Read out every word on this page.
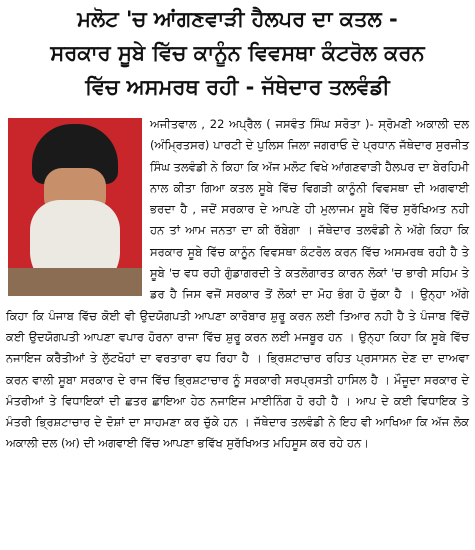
ਮਲੋਟ 'ਚ ਆਂਗਣਵਾੜੀ ਹੈਲਪਰ ਦਾ ਕਤਲ -
ਸਰਕਾਰ ਸੂਬੇ ਵਿੱਚ ਕਾਨੂੰਨ ਵਿਵਸਥਾ ਕੰਟਰੋਲ ਕਰਨ
ਵਿੱਚ ਅਸਮਰਥ ਰਹੀ - ਜੱਥੇਦਾਰ ਤਲਵੰਡੀ

ਅਜੀਤਵਾਲ , 22 ਅਪ੍ਰੈਲ ( ਜਸਵੰਤ ਸਿੰਘ ਸਰੋਤਾ )- ਸ੍ਰੋਮਣੀ ਅਕਾਲੀ ਦਲ (ਅੰਮ੍ਰਿਤਸਰ) ਪਾਰਟੀ ਦੇ ਪੁਲਿਸ ਜਿਲਾ ਜਗਰਾਓ ਦੇ ਪ੍ਰਧਾਨ ਜੱਥੇਦਾਰ ਸੁਰਜੀਤ ਸਿੰਘ ਤਲਵੰਡੀ ਨੇ ਕਿਹਾ ਕਿ ਅੱਜ ਮਲੋਟ ਵਿਖੇ ਆਂਗਣਵਾੜੀ ਹੈਲਪਰ ਦਾ ਬੇਰਹਿਮੀ ਨਾਲ ਕੀਤਾ ਗਿਆ ਕਤਲ ਸੂਬੇ ਵਿੱਚ ਵਿਗੜੀ ਕਾਨੂੰਨੀ ਵਿਵਸਥਾ ਦੀ ਅਗਵਾਈ ਭਰਦਾ ਹੈ , ਜਦੋਂ ਸਰਕਾਰ ਦੇ ਆਪਣੇ ਹੀ ਮੁਲਾਜਮ ਸੂਬੇ ਵਿੱਚ ਸੁਰੱਖਿਅਤ ਨਹੀ ਹਨ ਤਾਂ ਆਮ ਜਨਤਾ ਦਾ ਕੀ ਰੱਬੇਗਾ । ਜੱਥੇਦਾਰ ਤਲਵੰਡੀ ਨੇ ਅੱਗੇ ਕਿਹਾ ਕਿ ਸਰਕਾਰ ਸੂਬੇ ਵਿੱਚ ਕਾਨੂੰਨ ਵਿਵਸਥਾ ਕੰਟਰੋਲ ਕਰਨ ਵਿੱਚ ਅਸਮਰਥ ਰਹੀ ਹੈ ਤੇ ਸੂਬੇ 'ਚ ਵਧ ਰਹੀ ਗੁੰਡਾਗਰਦੀ ਤੇ ਕਤਲੋਗਾਰਤ ਕਾਰਨ ਲੋਕਾਂ 'ਚ ਭਾਰੀ ਸਹਿਮ ਤੇ ਡਰ ਹੈ ਜਿਸ ਵਜੋਂ ਸਰਕਾਰ ਤੋਂ ਲੋਕਾਂ ਦਾ ਮੋਹ ਭੰਗ ਹੋ ਚੁੱਕਾ ਹੈ । ਉਨ੍ਹਾ ਅੱਗੇ ਕਿਹਾ ਕਿ ਪੰਜਾਬ ਵਿੱਚ ਕੋਈ ਵੀ ਉਦਯੋਗਪਤੀ ਆਪਣਾ ਕਾਰੋਬਾਰ ਸ਼ੁਰੂ ਕਰਨ ਲਈ ਤਿਆਰ ਨਹੀ ਹੈ ਤੇ ਪੰਜਾਬ ਵਿੱਚੋਂ ਕਈ ਉਦਯੋਗਪਤੀ ਆਪਣਾ ਵਪਾਰ ਹੋਰਨਾ ਰਾਜਾ ਵਿੱਚ ਸ਼ੁਰੂ ਕਰਨ ਲਈ ਮਜਬੂਰ ਹਨ । ਉਨ੍ਹਾ ਕਿਹਾ ਕਿ ਸੂਬੇ ਵਿੱਚ ਨਜਾਇਜ ਕਰੈਤੀਆਂ ਤੇ ਲੁੱਟਖੋਹਾਂ ਦਾ ਵਰਤਾਰਾ ਵਧ ਰਿਹਾ ਹੈ । ਭ੍ਰਿਸ਼ਟਾਚਾਰ ਰਹਿਤ ਪ੍ਰਸਾਸਨ ਦੇਣ ਦਾ ਦਾਅਵਾ ਕਰਨ ਵਾਲੀ ਸੂਬਾ ਸਰਕਾਰ ਦੇ ਰਾਜ ਵਿੱਚ ਭ੍ਰਿਸ਼ਟਾਚਾਰ ਨੂੰ ਸਰਕਾਰੀ ਸਰਪ੍ਰਸਤੀ ਹਾਸਿਲ ਹੈ । ਮੌਜੂਦਾ ਸਰਕਾਰ ਦੇ ਮੰਤਰੀਆਂ ਤੇ ਵਿਧਾਇਕਾਂ ਦੀ ਛਤਰ ਛਾਇਆ ਹੇਠ ਨਜਾਇਜ ਮਾਈਨਿੰਗ ਹੋ ਰਹੀ ਹੈ । ਆਪ ਦੇ ਕਈ ਵਿਧਾਇਕ ਤੇ ਮੰਤਰੀ ਭ੍ਰਿਸ਼ਟਾਚਾਰ ਦੇ ਦੋਸ਼ਾਂ ਦਾ ਸਾਹਮਣਾ ਕਰ ਚੁੱਕੇ ਹਨ । ਜੱਥੇਦਾਰ ਤਲਵੰਡੀ ਨੇ ਇਹ ਵੀ ਆਖਿਆ ਕਿ ਅੱਜ ਲੋਕ ਅਕਾਲੀ ਦਲ (ਅ) ਦੀ ਅਗਵਾਈ ਵਿੱਚ ਆਪਣਾ ਭਵਿੱਖ ਸੁਰੱਖਿਅਤ ਮਹਿਸੂਸ ਕਰ ਰਹੇ ਹਨ।
